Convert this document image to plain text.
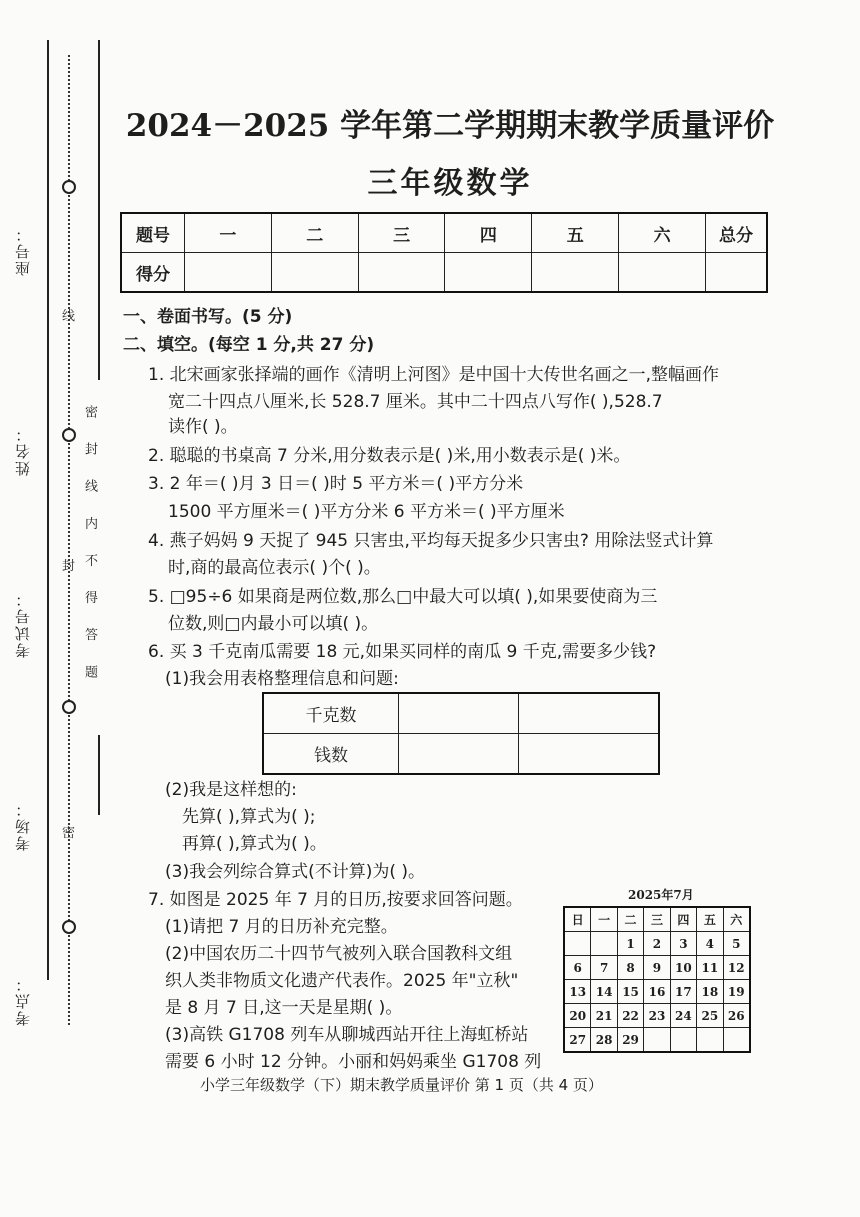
座号：
姓名：
考试号：
考场：
考点：
线
封
密
密 封 线 内 不 得 答 题
2024－2025 学年第二学期期末教学质量评价
三年级数学
题号	一	二	三	四	五	六	总分
得分							
一、卷面书写。(5 分)
二、填空。(每空 1 分,共 27 分)
1. 北宋画家张择端的画作《清明上河图》是中国十大传世名画之一,整幅画作
宽二十四点八厘米,长 528.7 厘米。其中二十四点八写作( ),528.7
读作( )。
2. 聪聪的书桌高 7 分米,用分数表示是( )米,用小数表示是( )米。
3. 2 年＝( )月 3 日＝( )时 5 平方米＝( )平方分米
1500 平方厘米＝( )平方分米 6 平方米＝( )平方厘米
4. 燕子妈妈 9 天捉了 945 只害虫,平均每天捉多少只害虫? 用除法竖式计算
时,商的最高位表示( )个( )。
5. □95÷6 如果商是两位数,那么□中最大可以填( ),如果要使商为三
位数,则□内最小可以填( )。
6. 买 3 千克南瓜需要 18 元,如果买同样的南瓜 9 千克,需要多少钱?
(1)我会用表格整理信息和问题:
千克数		
钱数		
(2)我是这样想的:
先算( ),算式为( );
再算( ),算式为( )。
(3)我会列综合算式(不计算)为( )。
7. 如图是 2025 年 7 月的日历,按要求回答问题。
(1)请把 7 月的日历补充完整。
(2)中国农历二十四节气被列入联合国教科文组
织人类非物质文化遗产代表作。2025 年"立秋"
是 8 月 7 日,这一天是星期( )。
(3)高铁 G1708 列车从聊城西站开往上海虹桥站
需要 6 小时 12 分钟。小丽和妈妈乘坐 G1708 列
2025年7月
日	一	二	三	四	五	六
		1	2	3	4	5
6	7	8	9	10	11	12
13	14	15	16	17	18	19
20	21	22	23	24	25	26
27	28	29				
小学三年级数学（下）期末教学质量评价 第 1 页（共 4 页）
